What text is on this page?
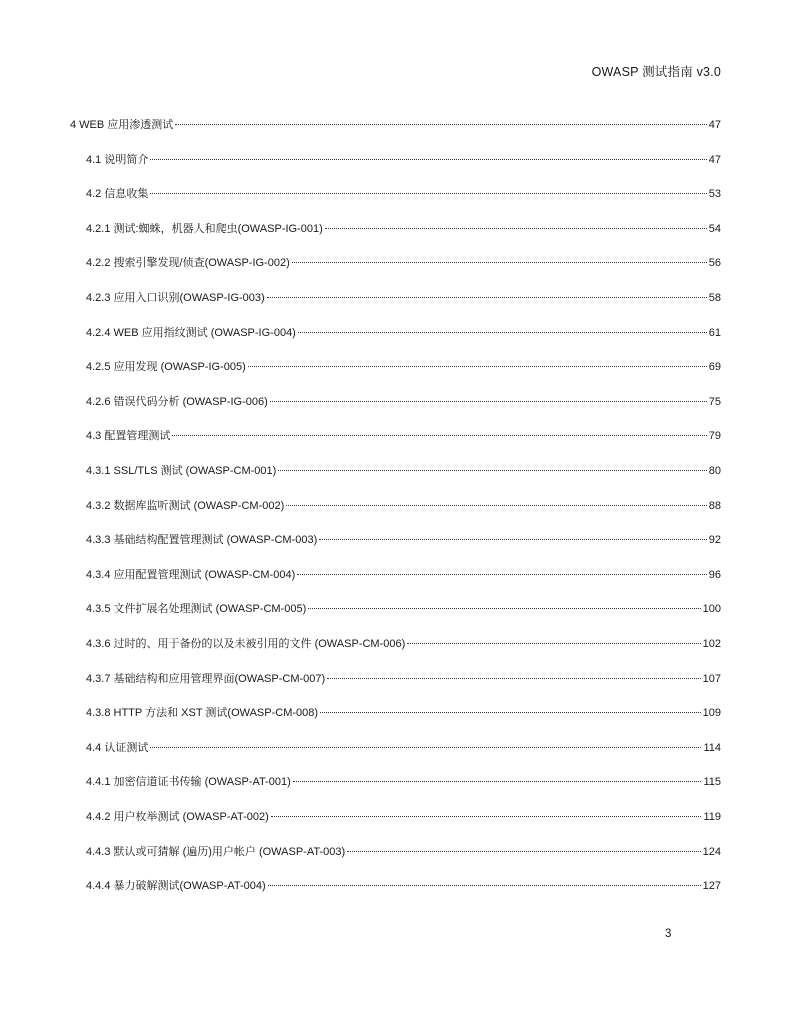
OWASP 测试指南 v3.0
4 WEB 应用渗透测试	47
4.1 说明简介	47
4.2 信息收集	53
4.2.1 测试:蜘蛛，机器人和爬虫(OWASP-IG-001)	54
4.2.2 搜索引擎发现/侦查(OWASP-IG-002)	56
4.2.3 应用入口识别(OWASP-IG-003)	58
4.2.4 WEB 应用指纹测试 (OWASP-IG-004)	61
4.2.5 应用发现 (OWASP-IG-005)	69
4.2.6 错误代码分析 (OWASP-IG-006)	75
4.3 配置管理测试	79
4.3.1 SSL/TLS 测试 (OWASP-CM-001)	80
4.3.2 数据库监听测试 (OWASP-CM-002)	88
4.3.3 基础结构配置管理测试 (OWASP-CM-003)	92
4.3.4 应用配置管理测试 (OWASP-CM-004)	96
4.3.5 文件扩展名处理测试 (OWASP-CM-005)	100
4.3.6 过时的、用于备份的以及未被引用的文件 (OWASP-CM-006)	102
4.3.7 基础结构和应用管理界面(OWASP-CM-007)	107
4.3.8 HTTP 方法和 XST 测试(OWASP-CM-008)	109
4.4 认证测试	114
4.4.1 加密信道证书传输 (OWASP-AT-001)	115
4.4.2 用户枚举测试 (OWASP-AT-002)	119
4.4.3 默认或可猜解 (遍历)用户帐户 (OWASP-AT-003)	124
4.4.4 暴力破解测试(OWASP-AT-004)	127
3
